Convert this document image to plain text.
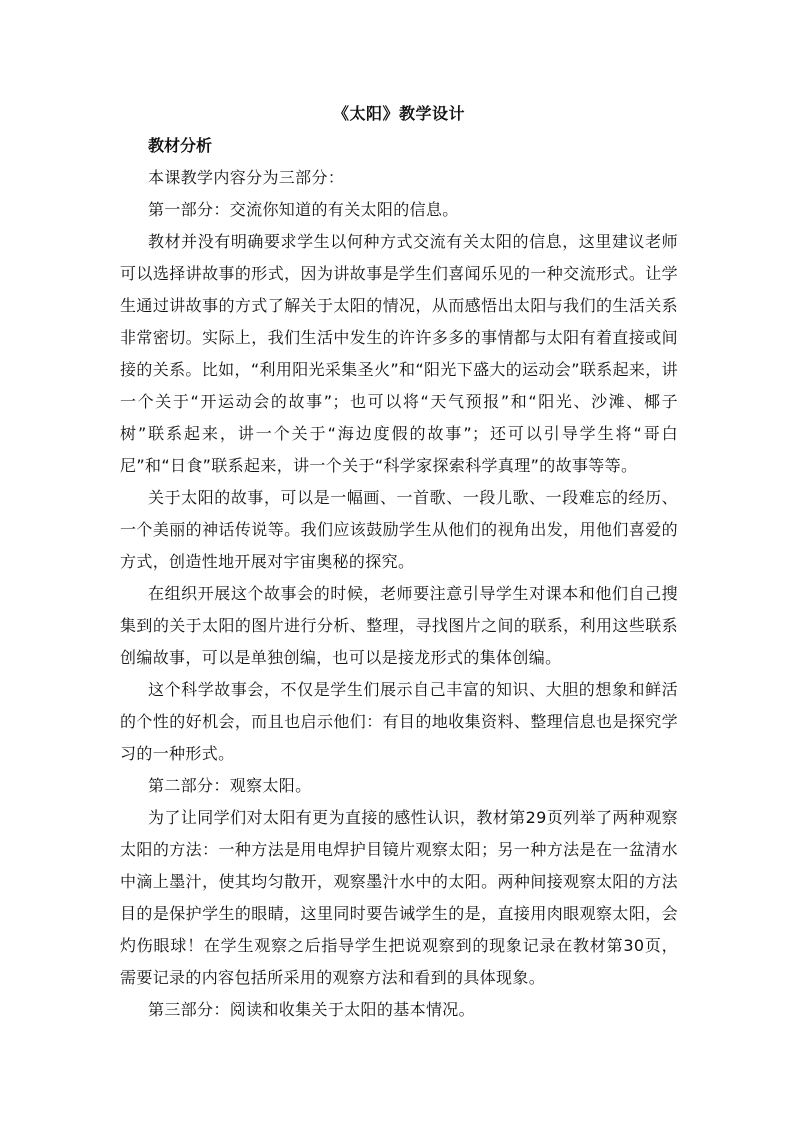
《太阳》教学设计
教材分析

本课教学内容分为三部分：

第一部分：交流你知道的有关太阳的信息。

教材并没有明确要求学生以何种方式交流有关太阳的信息，这里建议老师可以选择讲故事的形式，因为讲故事是学生们喜闻乐见的一种交流形式。让学生通过讲故事的方式了解关于太阳的情况，从而感悟出太阳与我们的生活关系非常密切。实际上，我们生活中发生的许许多多的事情都与太阳有着直接或间接的关系。比如，“利用阳光采集圣火”和“阳光下盛大的运动会”联系起来，讲一个关于“开运动会的故事”；也可以将“天气预报”和“阳光、沙滩、椰子树”联系起来，讲一个关于“海边度假的故事”；还可以引导学生将“哥白尼”和“日食”联系起来，讲一个关于“科学家探索科学真理”的故事等等。

关于太阳的故事，可以是一幅画、一首歌、一段儿歌、一段难忘的经历、一个美丽的神话传说等。我们应该鼓励学生从他们的视角出发，用他们喜爱的方式，创造性地开展对宇宙奥秘的探究。

在组织开展这个故事会的时候，老师要注意引导学生对课本和他们自己搜集到的关于太阳的图片进行分析、整理，寻找图片之间的联系，利用这些联系创编故事，可以是单独创编，也可以是接龙形式的集体创编。

这个科学故事会，不仅是学生们展示自己丰富的知识、大胆的想象和鲜活的个性的好机会，而且也启示他们：有目的地收集资料、整理信息也是探究学习的一种形式。

第二部分：观察太阳。

为了让同学们对太阳有更为直接的感性认识，教材第29页列举了两种观察太阳的方法：一种方法是用电焊护目镜片观察太阳；另一种方法是在一盆清水中滴上墨汁，使其均匀散开，观察墨汁水中的太阳。两种间接观察太阳的方法目的是保护学生的眼睛，这里同时要告诫学生的是，直接用肉眼观察太阳，会灼伤眼球！在学生观察之后指导学生把说观察到的现象记录在教材第30页，需要记录的内容包括所采用的观察方法和看到的具体现象。

第三部分：阅读和收集关于太阳的基本情况。
